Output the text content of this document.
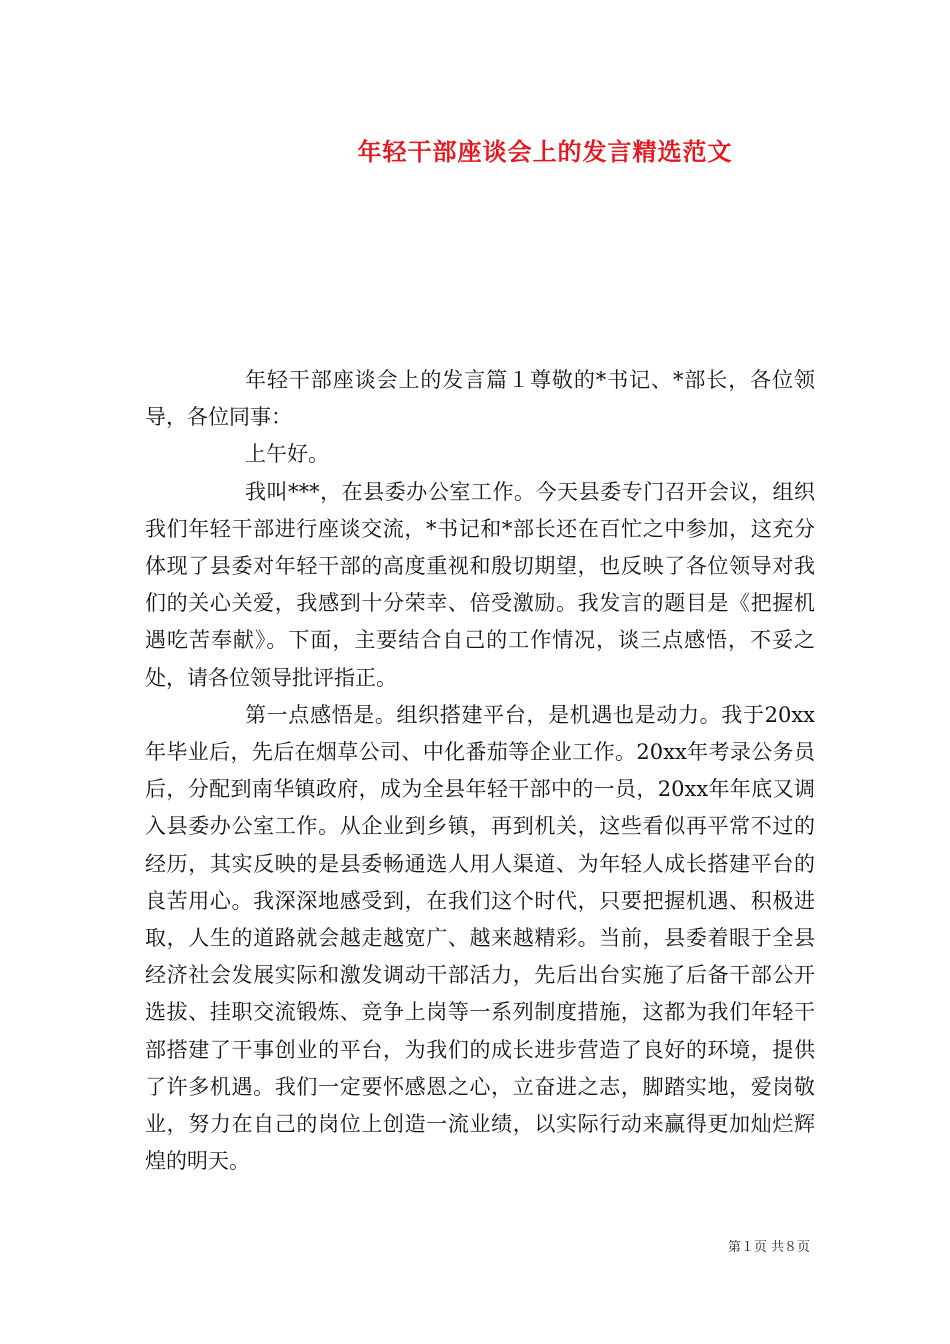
年轻干部座谈会上的发言精选范文

年轻干部座谈会上的发言篇１尊敬的*书记、*部长，各位领导，各位同事：

上午好。

我叫***，在县委办公室工作。今天县委专门召开会议，组织我们年轻干部进行座谈交流，*书记和*部长还在百忙之中参加，这充分体现了县委对年轻干部的高度重视和殷切期望，也反映了各位领导对我们的关心关爱，我感到十分荣幸、倍受激励。我发言的题目是《把握机遇吃苦奉献》。下面，主要结合自己的工作情况，谈三点感悟，不妥之处，请各位领导批评指正。

第一点感悟是。组织搭建平台，是机遇也是动力。我于20xx年毕业后，先后在烟草公司、中化番茄等企业工作。20xx年考录公务员后，分配到南华镇政府，成为全县年轻干部中的一员，20xx年年底又调入县委办公室工作。从企业到乡镇，再到机关，这些看似再平常不过的经历，其实反映的是县委畅通选人用人渠道、为年轻人成长搭建平台的良苦用心。我深深地感受到，在我们这个时代，只要把握机遇、积极进取，人生的道路就会越走越宽广、越来越精彩。当前，县委着眼于全县经济社会发展实际和激发调动干部活力，先后出台实施了后备干部公开选拔、挂职交流锻炼、竞争上岗等一系列制度措施，这都为我们年轻干部搭建了干事创业的平台，为我们的成长进步营造了良好的环境，提供了许多机遇。我们一定要怀感恩之心，立奋进之志，脚踏实地，爱岗敬业，努力在自己的岗位上创造一流业绩，以实际行动来赢得更加灿烂辉煌的明天。

第１页 共８页
